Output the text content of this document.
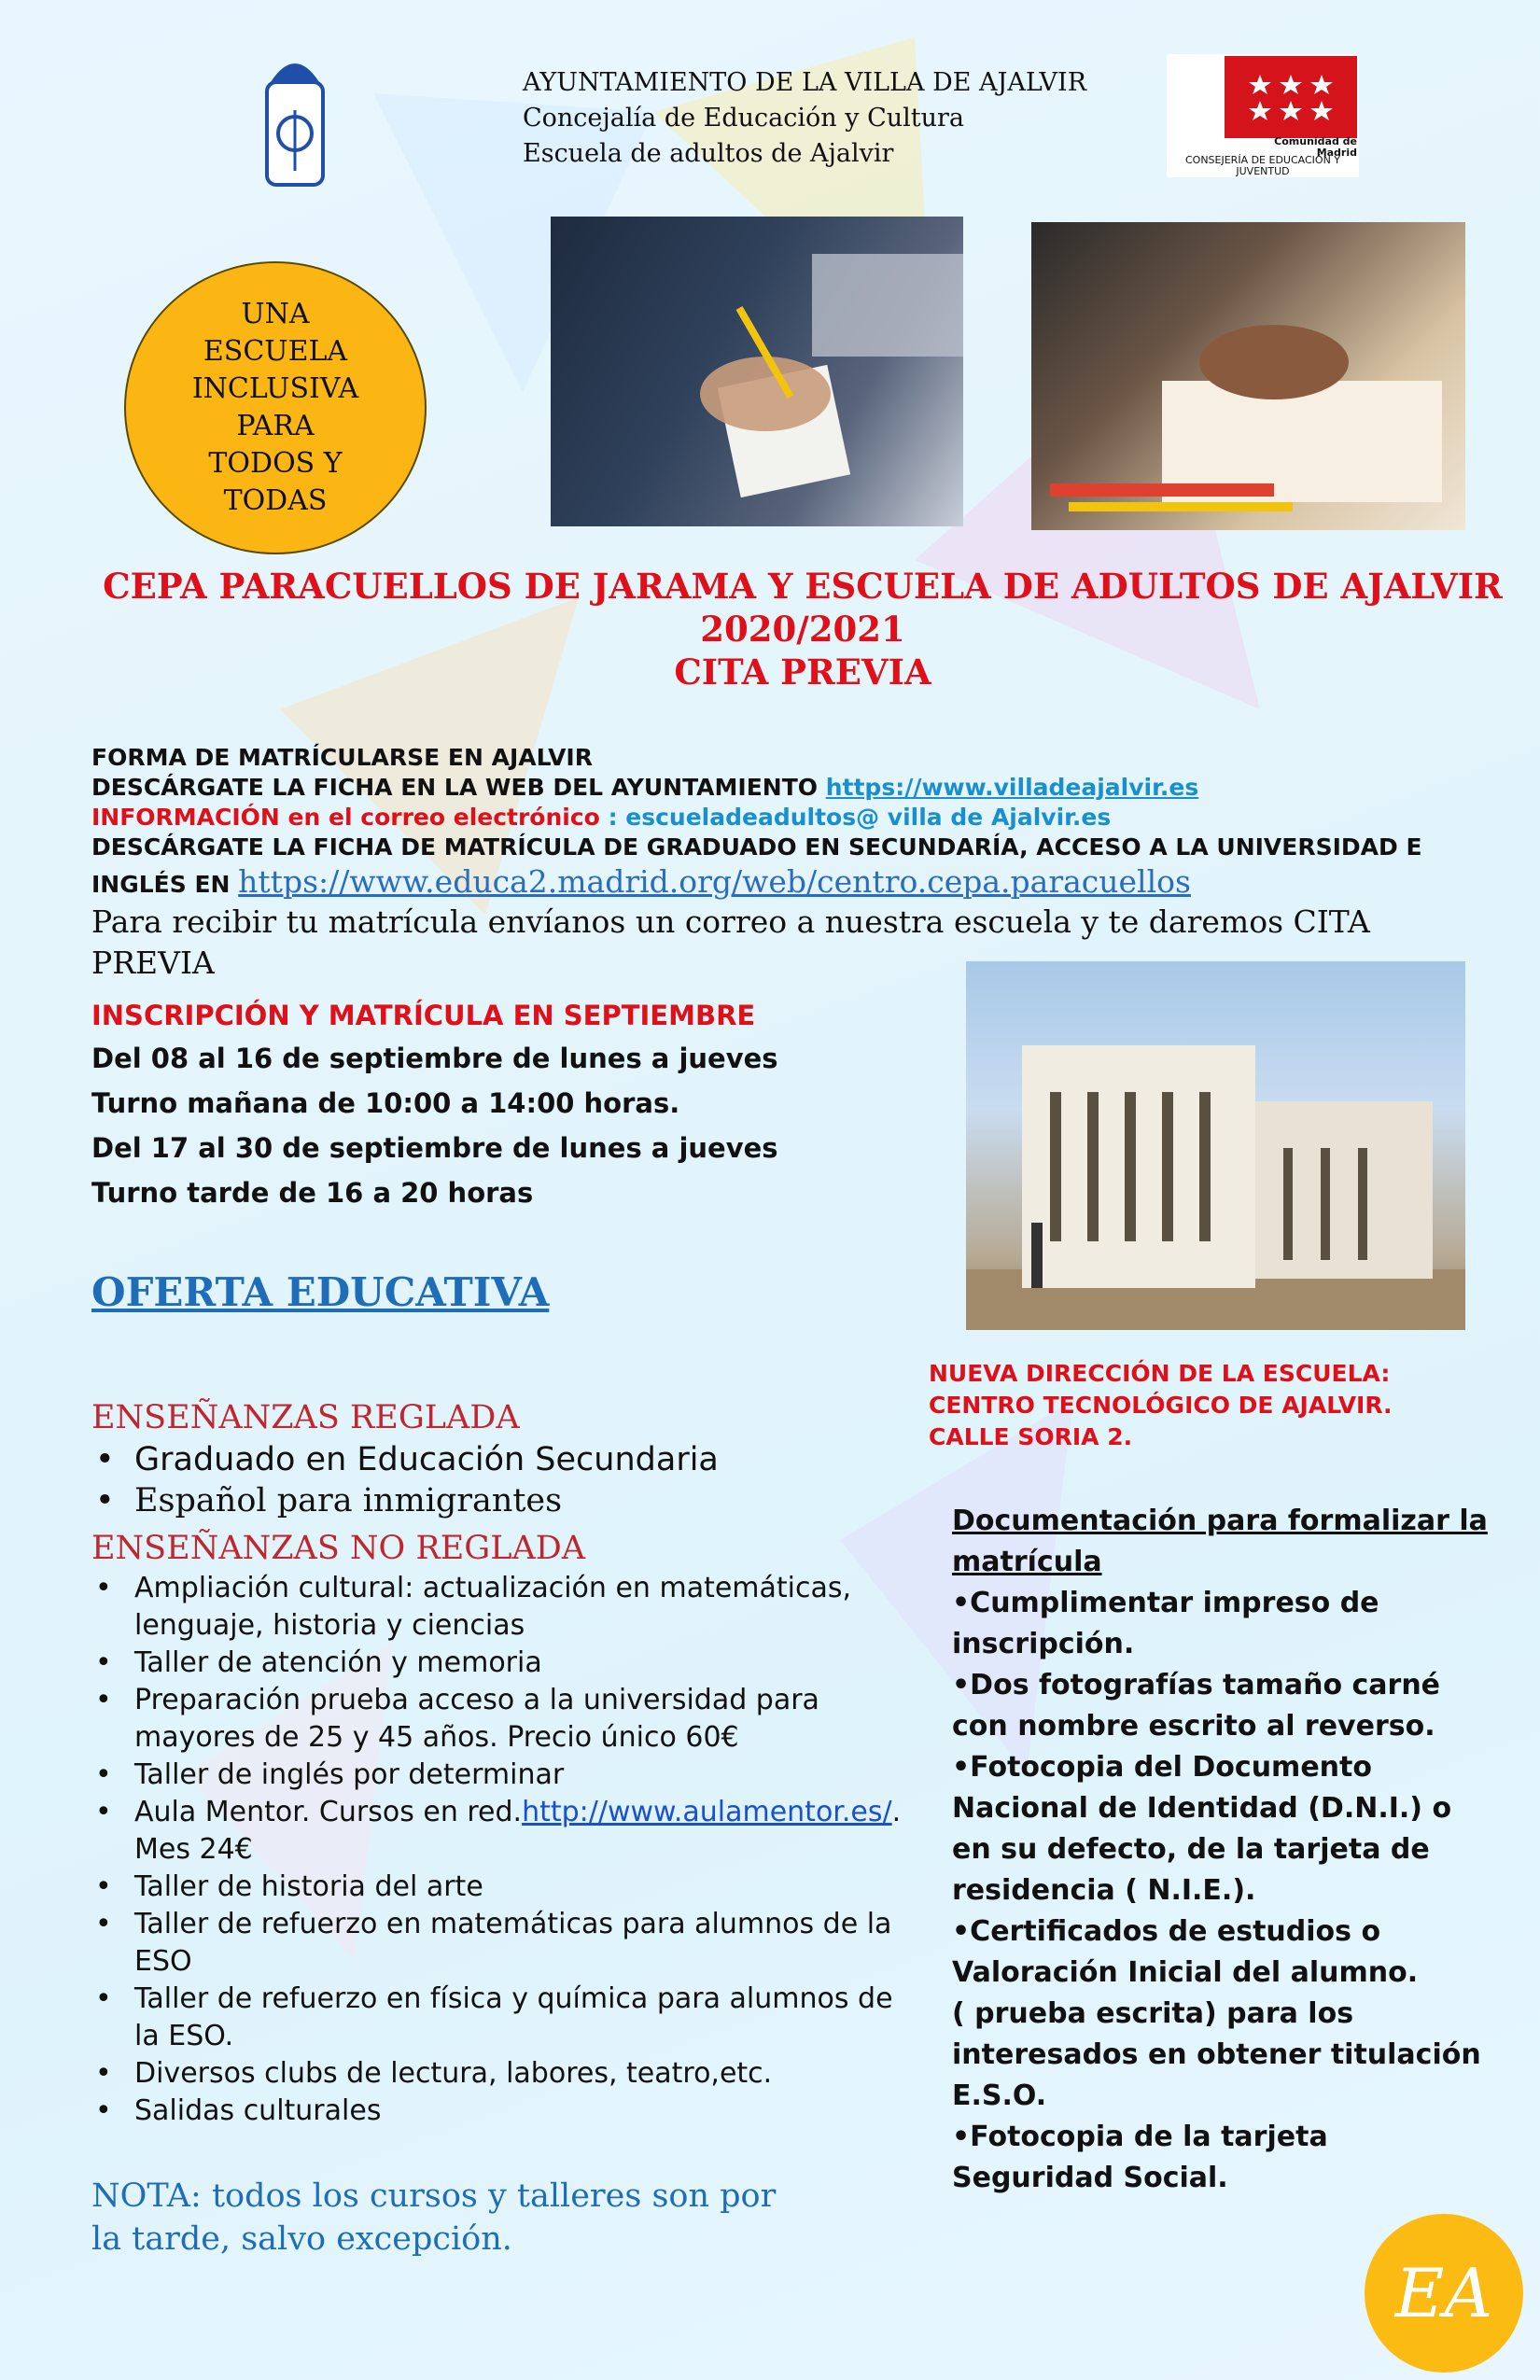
AYUNTAMIENTO DE LA VILLA DE AJALVIR
Concejalía de Educación y Cultura
Escuela de adultos de Ajalvir	Comunidad de Madrid
CONSEJERÍA DE EDUCACIÓN Y JUVENTUD
UNA ESCUELA INCLUSIVA PARA TODOS Y TODAS
CEPA PARACUELLOS DE JARAMA Y ESCUELA DE ADULTOS DE AJALVIR
2020/2021
CITA PREVIA
FORMA DE MATRÍCULARSE EN AJALVIR
DESCÁRGATE LA FICHA EN LA WEB DEL AYUNTAMIENTO https://www.villadeajalvir.es
INFORMACIÓN en el correo electrónico : escueladeadultos@ villa de Ajalvir.es
DESCÁRGATE LA FICHA DE MATRÍCULA DE GRADUADO EN SECUNDARÍA, ACCESO A LA UNIVERSIDAD E
INGLÉS EN https://www.educa2.madrid.org/web/centro.cepa.paracuellos
Para recibir tu matrícula envíanos un correo a nuestra escuela y te daremos CITA PREVIA
INSCRIPCIÓN Y MATRÍCULA EN SEPTIEMBRE
Del 08 al 16 de septiembre de lunes a jueves
Turno mañana de 10:00 a 14:00 horas.
Del 17 al 30 de septiembre de lunes a jueves
Turno tarde de 16 a 20 horas
OFERTA EDUCATIVA
ENSEÑANZAS REGLADA
• Graduado en Educación Secundaria
• Español para inmigrantes
ENSEÑANZAS NO REGLADA
• Ampliación cultural: actualización en matemáticas, lenguaje, historia y ciencias
• Taller de atención y memoria
• Preparación prueba acceso a la universidad para mayores de 25 y 45 años. Precio único 60€
• Taller de inglés por determinar
• Aula Mentor. Cursos en red.http://www.aulamentor.es/. Mes 24€
• Taller de historia del arte
• Taller de refuerzo en matemáticas para alumnos de la ESO
• Taller de refuerzo en física y química para alumnos de la ESO.
• Diversos clubs de lectura, labores, teatro,etc.
• Salidas culturales
NOTA: todos los cursos y talleres son por la tarde, salvo excepción.
NUEVA DIRECCIÓN DE LA ESCUELA:
CENTRO TECNOLÓGICO DE AJALVIR.
CALLE SORIA 2.
Documentación para formalizar la matrícula
•Cumplimentar impreso de inscripción.
•Dos fotografías tamaño carné con nombre escrito al reverso.
•Fotocopia del Documento Nacional de Identidad (D.N.I.) o en su defecto, de la tarjeta de residencia ( N.I.E.).
•Certificados de estudios o Valoración Inicial del alumno.
( prueba escrita) para los interesados en obtener titulación E.S.O.
•Fotocopia de la tarjeta Seguridad Social.
EA
